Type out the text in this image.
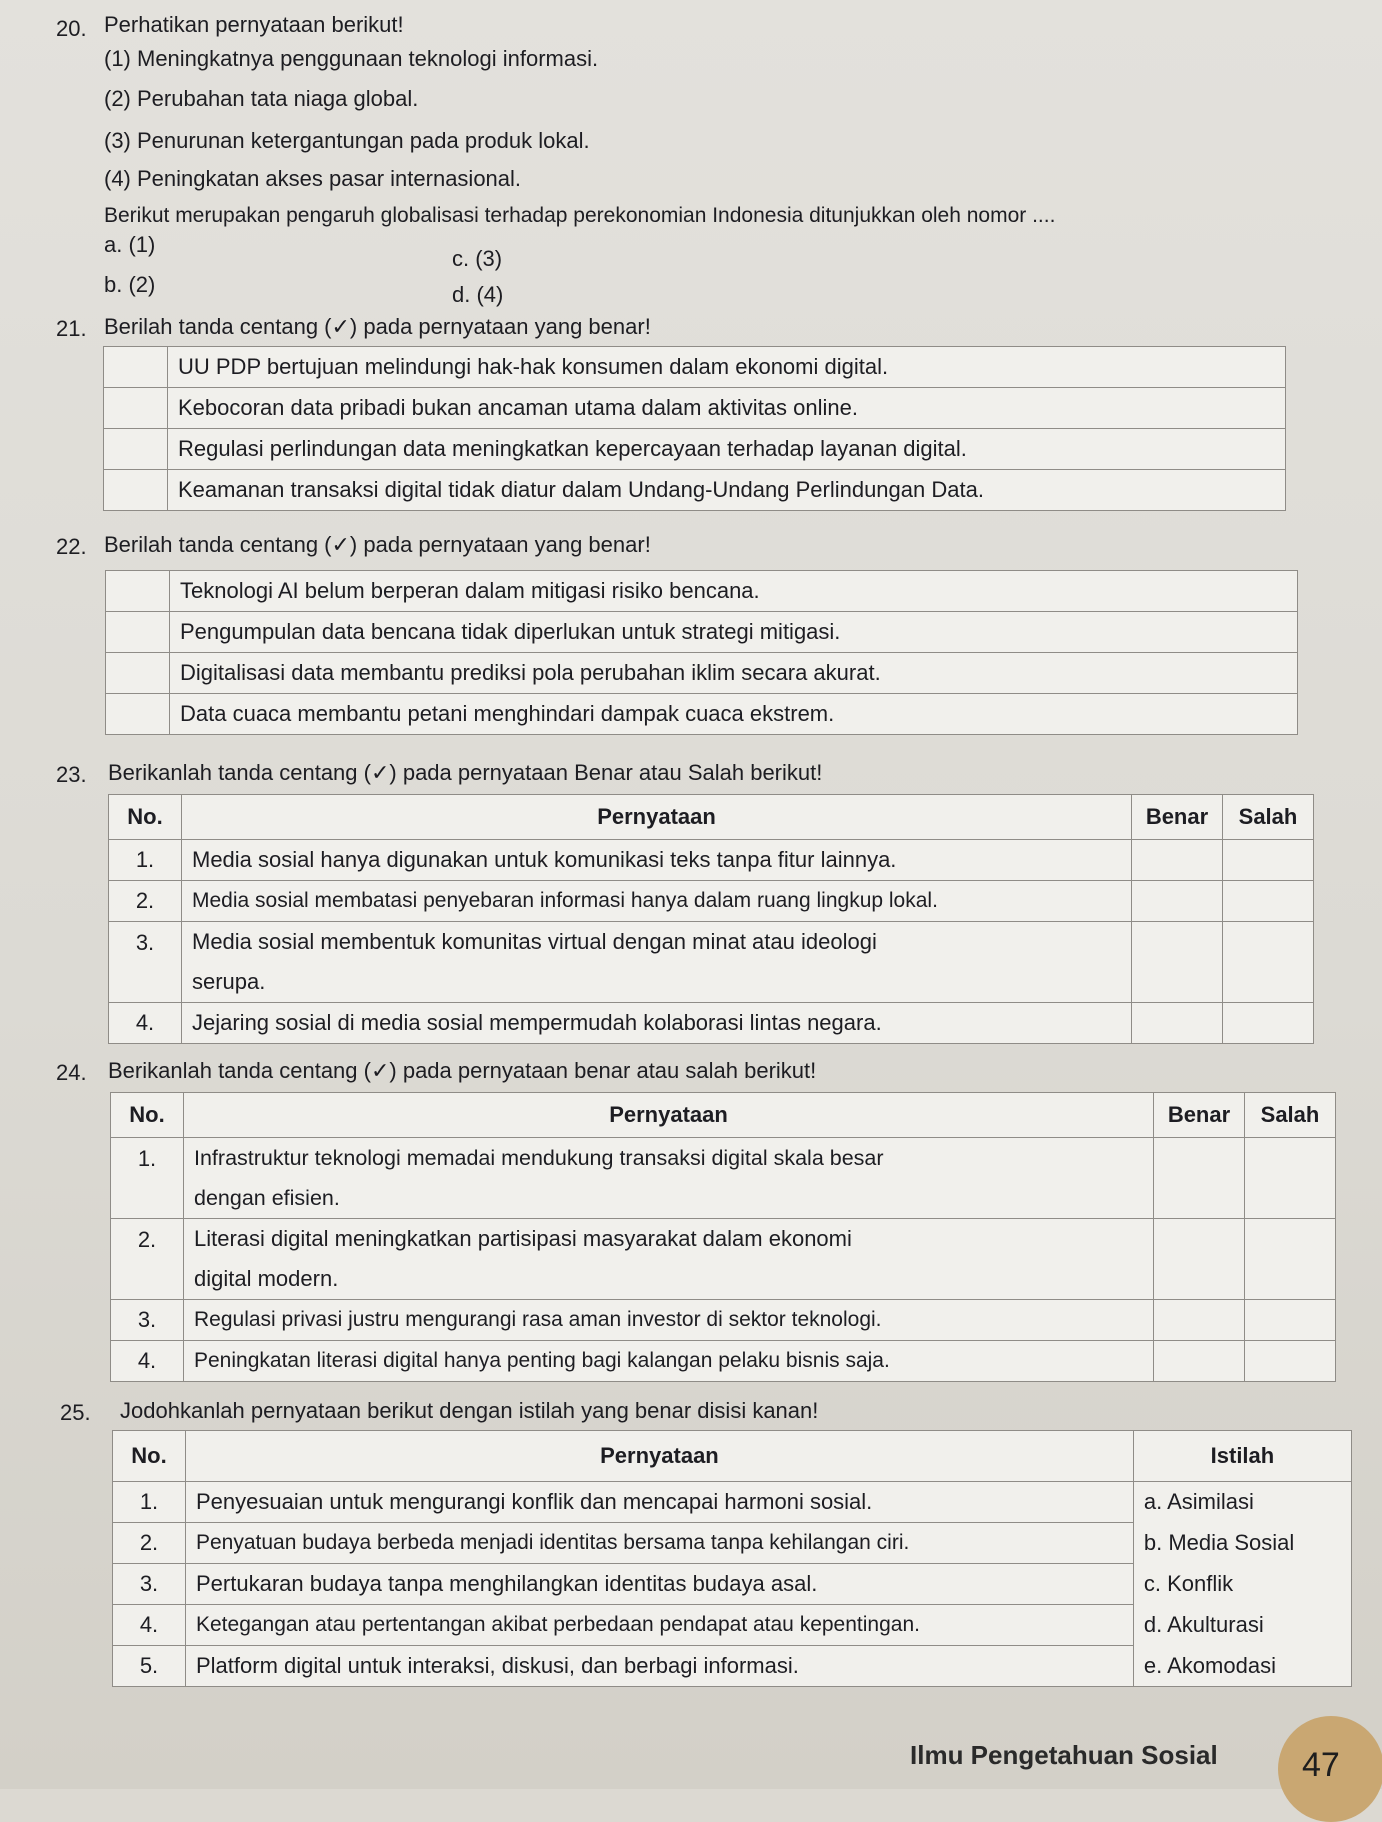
20. Perhatikan pernyataan berikut!
(1) Meningkatnya penggunaan teknologi informasi.
(2) Perubahan tata niaga global.
(3) Penurunan ketergantungan pada produk lokal.
(4) Peningkatan akses pasar internasional.
Berikut merupakan pengaruh globalisasi terhadap perekonomian Indonesia ditunjukkan oleh nomor ....
a. (1)
b. (2)
c. (3)
d. (4)
21. Berilah tanda centang (✓) pada pernyataan yang benar!
	UU PDP bertujuan melindungi hak-hak konsumen dalam ekonomi digital.
	Kebocoran data pribadi bukan ancaman utama dalam aktivitas online.
	Regulasi perlindungan data meningkatkan kepercayaan terhadap layanan digital.
	Keamanan transaksi digital tidak diatur dalam Undang-Undang Perlindungan Data.
22. Berilah tanda centang (✓) pada pernyataan yang benar!
	Teknologi AI belum berperan dalam mitigasi risiko bencana.
	Pengumpulan data bencana tidak diperlukan untuk strategi mitigasi.
	Digitalisasi data membantu prediksi pola perubahan iklim secara akurat.
	Data cuaca membantu petani menghindari dampak cuaca ekstrem.
23. Berikanlah tanda centang (✓) pada pernyataan Benar atau Salah berikut!
No.	Pernyataan	Benar	Salah
1.	Media sosial hanya digunakan untuk komunikasi teks tanpa fitur lainnya.		
2.	Media sosial membatasi penyebaran informasi hanya dalam ruang lingkup lokal.		
3.	Media sosial membentuk komunitas virtual dengan minat atau ideologi
serupa.		

4.	Jejaring sosial di media sosial mempermudah kolaborasi lintas negara.		
24. Berikanlah tanda centang (✓) pada pernyataan benar atau salah berikut!
No.	Pernyataan	Benar	Salah
1.	Infrastruktur teknologi memadai mendukung transaksi digital skala besar
dengan efisien.		

2.	Literasi digital meningkatkan partisipasi masyarakat dalam ekonomi
digital modern.		

3.	Regulasi privasi justru mengurangi rasa aman investor di sektor teknologi.		
4.	Peningkatan literasi digital hanya penting bagi kalangan pelaku bisnis saja.		
25. Jodohkanlah pernyataan berikut dengan istilah yang benar disisi kanan!
No.	Pernyataan	Istilah
1.	Penyesuaian untuk mengurangi konflik dan mencapai harmoni sosial.	a. Asimilasi
2.	Penyatuan budaya berbeda menjadi identitas bersama tanpa kehilangan ciri.	b. Media Sosial
3.	Pertukaran budaya tanpa menghilangkan identitas budaya asal.	c. Konflik
4.	Ketegangan atau pertentangan akibat perbedaan pendapat atau kepentingan.	d. Akulturasi
5.	Platform digital untuk interaksi, diskusi, dan berbagi informasi.	e. Akomodasi
Ilmu Pengetahuan Sosial 47
